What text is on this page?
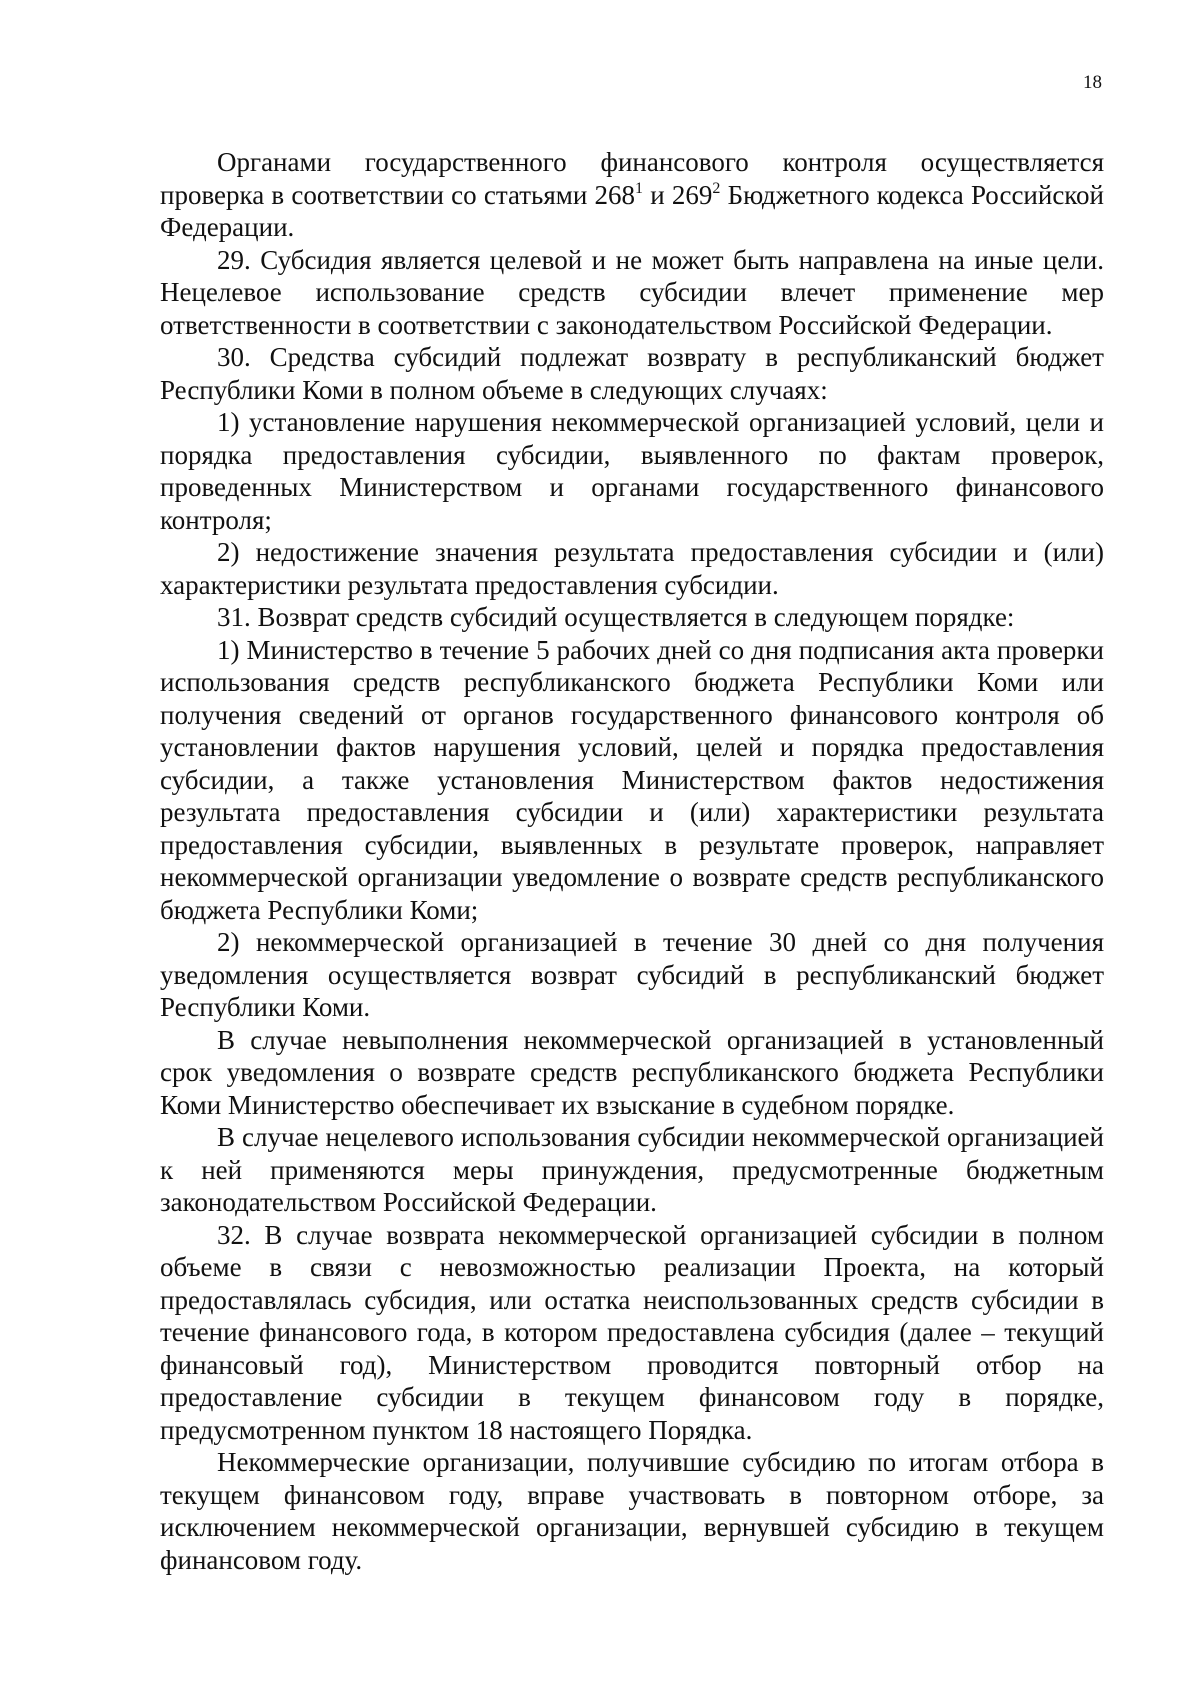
18

Органами государственного финансового контроля осуществляется проверка в соответствии со статьями $268^1$ и $269^2$ Бюджетного кодекса Российской Федерации.

29. Субсидия является целевой и не может быть направлена на иные цели. Нецелевое использование средств субсидии влечет применение мер ответственности в соответствии с законодательством Российской Федерации.

30. Средства субсидий подлежат возврату в республиканский бюджет Республики Коми в полном объеме в следующих случаях:

1) установление нарушения некоммерческой организацией условий, цели и порядка предоставления субсидии, выявленного по фактам проверок, проведенных Министерством и органами государственного финансового контроля;

2) недостижение значения результата предоставления субсидии и (или) характеристики результата предоставления субсидии.

31. Возврат средств субсидий осуществляется в следующем порядке:

1) Министерство в течение 5 рабочих дней со дня подписания акта проверки использования средств республиканского бюджета Республики Коми или получения сведений от органов государственного финансового контроля об установлении фактов нарушения условий, целей и порядка предоставления субсидии, а также установления Министерством фактов недостижения результата предоставления субсидии и (или) характеристики результата предоставления субсидии, выявленных в результате проверок, направляет некоммерческой организации уведомление о возврате средств республиканского бюджета Республики Коми;

2) некоммерческой организацией в течение 30 дней со дня получения уведомления осуществляется возврат субсидий в республиканский бюджет Республики Коми.

В случае невыполнения некоммерческой организацией в установленный срок уведомления о возврате средств республиканского бюджета Республики Коми Министерство обеспечивает их взыскание в судебном порядке.

В случае нецелевого использования субсидии некоммерческой организацией к ней применяются меры принуждения, предусмотренные бюджетным законодательством Российской Федерации.

32. В случае возврата некоммерческой организацией субсидии в полном объеме в связи с невозможностью реализации Проекта, на который предоставлялась субсидия, или остатка неиспользованных средств субсидии в течение финансового года, в котором предоставлена субсидия (далее – текущий финансовый год), Министерством проводится повторный отбор на предоставление субсидии в текущем финансовом году в порядке, предусмотренном пунктом 18 настоящего Порядка.

Некоммерческие организации, получившие субсидию по итогам отбора в текущем финансовом году, вправе участвовать в повторном отборе, за исключением некоммерческой организации, вернувшей субсидию в текущем финансовом году.
